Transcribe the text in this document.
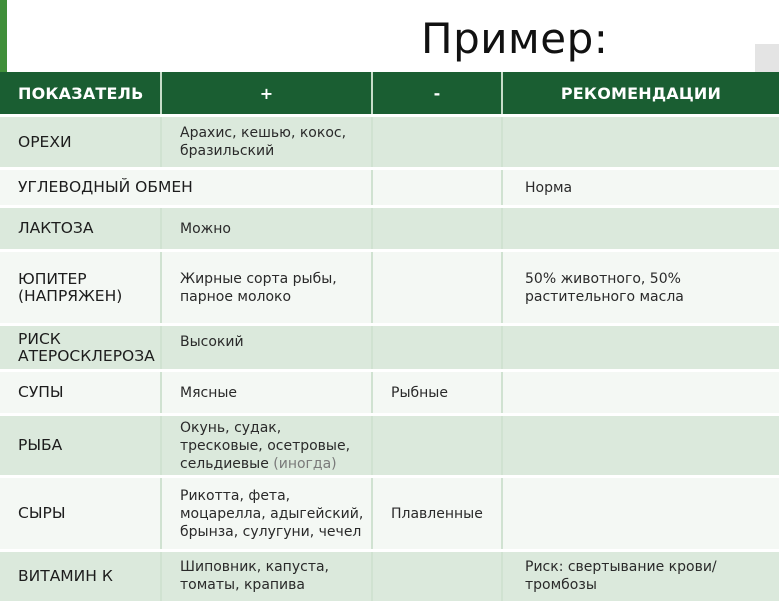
Пример:
ПОКАЗАТЕЛЬ	+	-	РЕКОМЕНДАЦИИ
ОРЕХИ	Арахис, кешью, кокос, бразильский		

УГЛЕВОДНЫЙ ОБМЕН			Норма
ЛАКТОЗА	Можно		

ЮПИТЕР (НАПРЯЖЕН)	Жирные сорта рыбы, парное молоко		50% животного, 50% растительного масла

РИСК АТЕРОСКЛЕРОЗА	Высокий		
СУПЫ	Мясные	Рыбные	
РЫБА	Окунь, судак, тресковые, осетровые, сельдиевые (иногда)		

СЫРЫ	Рикотта, фета, моцарелла, адыгейский, брынза, сулугуни, чечел	Плавленные	
ВИТАМИН К	Шиповник, капуста, томаты, крапива		Риск: свертывание крови/ тромбозы
